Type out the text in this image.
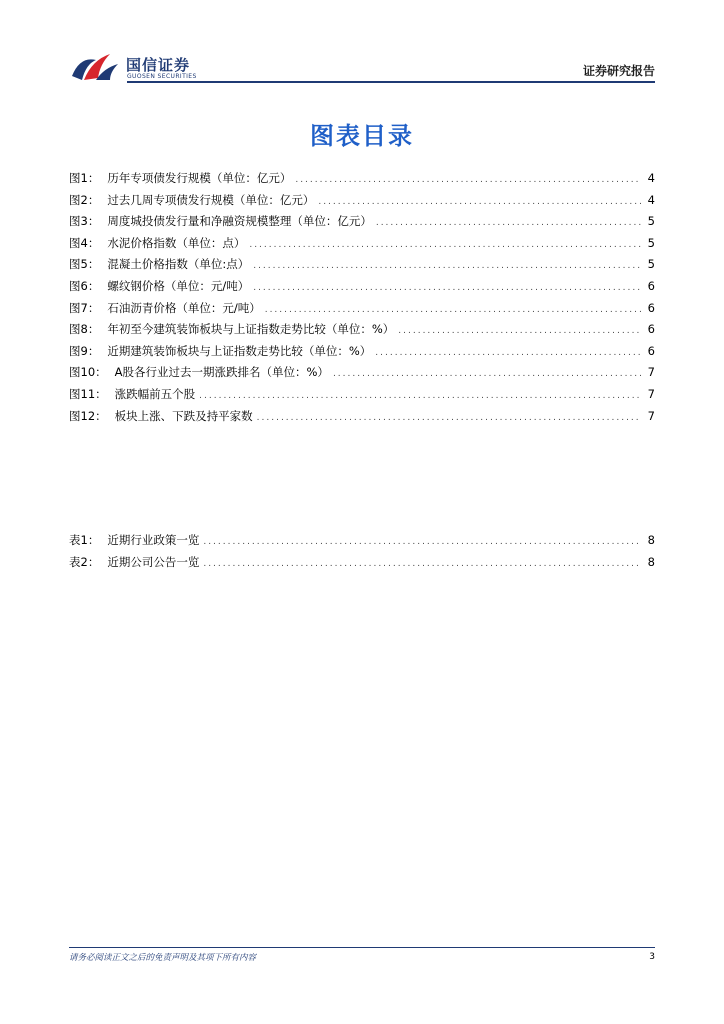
国信证券
GUOSEN SECURITIES	证券研究报告
图表目录
图1： 历年专项债发行规模（单位：亿元） .....	4
图2： 过去几周专项债发行规模（单位：亿元） .....	4
图3： 周度城投债发行量和净融资规模整理（单位：亿元） .....	5
图4： 水泥价格指数（单位：点） .....	5
图5： 混凝土价格指数（单位:点） .....	5
图6： 螺纹钢价格（单位：元/吨） .....	6
图7： 石油沥青价格（单位：元/吨） .....	6
图8： 年初至今建筑装饰板块与上证指数走势比较（单位：%） .....	6
图9： 近期建筑装饰板块与上证指数走势比较（单位：%） .....	6
图10： A股各行业过去一期涨跌排名（单位：%） .....	7
图11： 涨跌幅前五个股 .....	7
图12： 板块上涨、下跌及持平家数 .....	7
表1： 近期行业政策一览 .....	8
表2： 近期公司公告一览 .....	8
请务必阅读正文之后的免责声明及其项下所有内容	3
